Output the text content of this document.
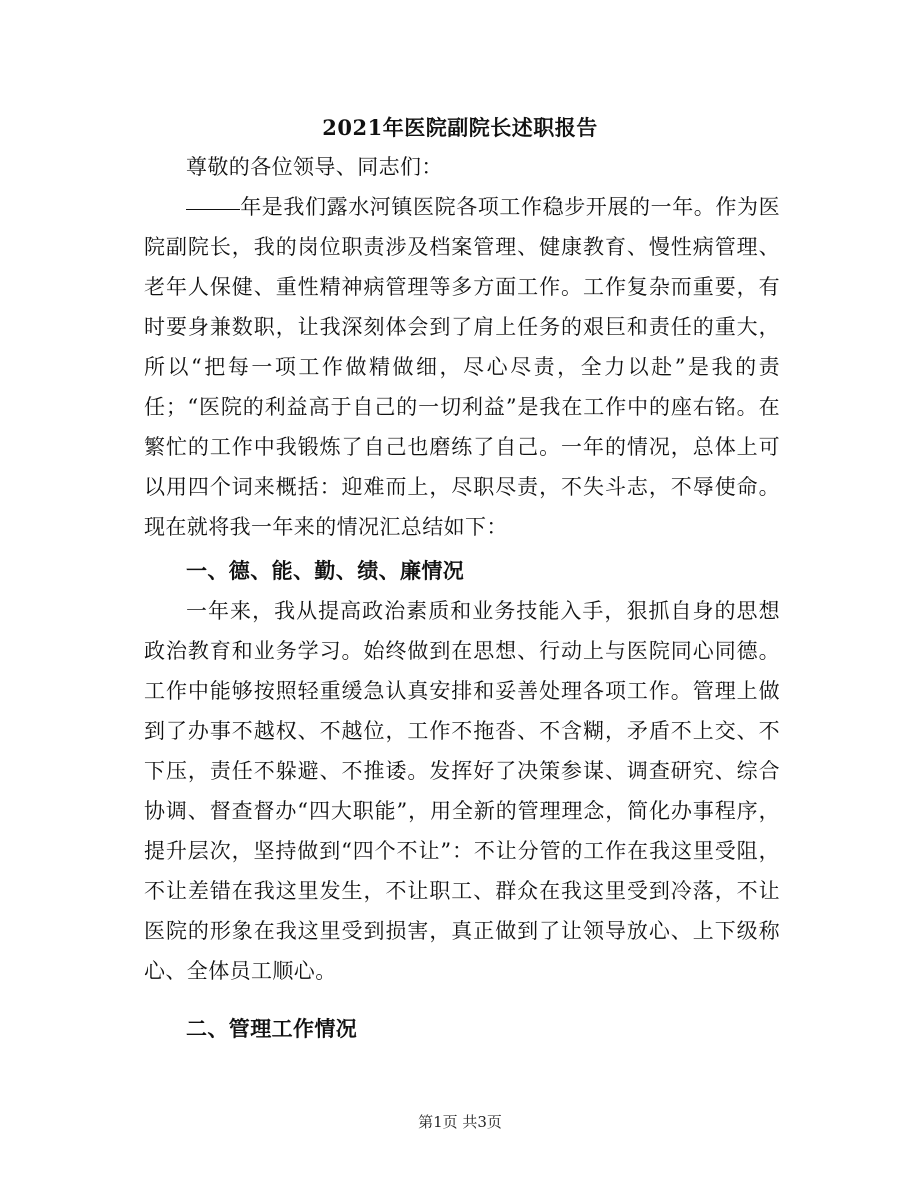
2021年医院副院长述职报告

尊敬的各位领导、同志们：

年是我们露水河镇医院各项工作稳步开展的一年。作为医院副院长，我的岗位职责涉及档案管理、健康教育、慢性病管理、老年人保健、重性精神病管理等多方面工作。工作复杂而重要，有时要身兼数职，让我深刻体会到了肩上任务的艰巨和责任的重大，所以“把每一项工作做精做细，尽心尽责，全力以赴”是我的责任；“医院的利益高于自己的一切利益”是我在工作中的座右铭。在繁忙的工作中我锻炼了自己也磨练了自己。一年的情况，总体上可以用四个词来概括：迎难而上，尽职尽责，不失斗志，不辱使命。现在就将我一年来的情况汇总结如下：

一、德、能、勤、绩、廉情况

一年来，我从提高政治素质和业务技能入手，狠抓自身的思想政治教育和业务学习。始终做到在思想、行动上与医院同心同德。工作中能够按照轻重缓急认真安排和妥善处理各项工作。管理上做到了办事不越权、不越位，工作不拖沓、不含糊，矛盾不上交、不下压，责任不躲避、不推诿。发挥好了决策参谋、调查研究、综合协调、督查督办“四大职能”，用全新的管理理念，简化办事程序，提升层次，坚持做到“四个不让”：不让分管的工作在我这里受阻，不让差错在我这里发生，不让职工、群众在我这里受到冷落，不让医院的形象在我这里受到损害，真正做到了让领导放心、上下级称心、全体员工顺心。

二、管理工作情况

第1页 共3页
